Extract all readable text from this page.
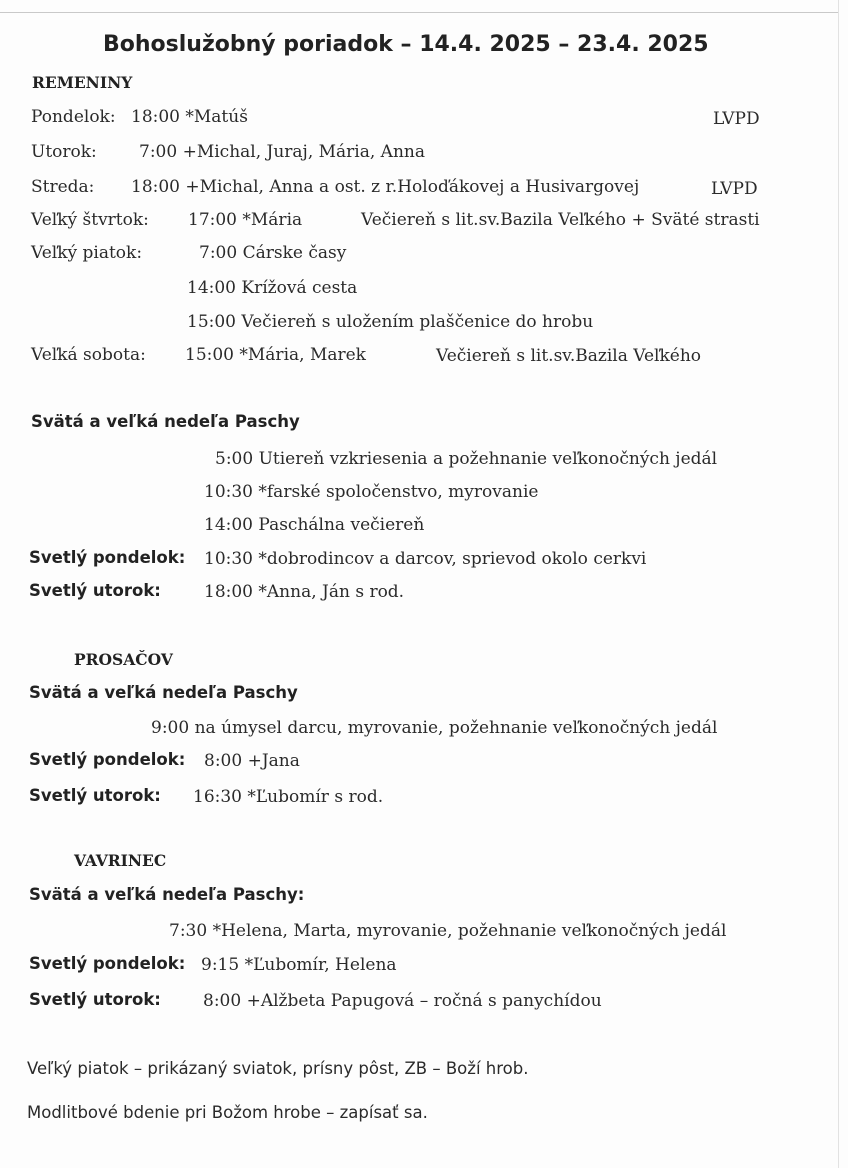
Bohoslužobný poriadok – 14.4. 2025 – 23.4. 2025
REMENINY
Pondelok: 18:00 *Matúš	LVPD
Utorok: 7:00 +Michal, Juraj, Mária, Anna
Streda: 18:00 +Michal, Anna a ost. z r.Holoďákovej a Husivargovej	LVPD
Veľký štvrtok: 17:00 *Mária	Večiereň s lit.sv.Bazila Veľkého + Sväté strasti
Veľký piatok:	7:00 Cárske časy
14:00 Krížová cesta
15:00 Večiereň s uložením plaščenice do hrobu
Veľká sobota: 15:00 *Mária, Marek	Večiereň s lit.sv.Bazila Veľkého
Svätá a veľká nedeľa Paschy
5:00 Utiereň vzkriesenia a požehnanie veľkonočných jedál
10:30 *farské spoločenstvo, myrovanie
14:00 Paschálna večiereň
Svetlý pondelok: 10:30 *dobrodincov a darcov, sprievod okolo cerkvi
Svetlý utorok:	18:00 *Anna, Ján s rod.
PROSAČOV
Svätá a veľká nedeľa Paschy
9:00 na úmysel darcu, myrovanie, požehnanie veľkonočných jedál
Svetlý pondelok: 8:00 +Jana
Svetlý utorok: 16:30 *Ľubomír s rod.
VAVRINEC
Svätá a veľká nedeľa Paschy:
7:30 *Helena, Marta, myrovanie, požehnanie veľkonočných jedál
Svetlý pondelok: 9:15 *Ľubomír, Helena
Svetlý utorok: 8:00 +Alžbeta Papugová – ročná s panychídou
Veľký piatok – prikázaný sviatok, prísny pôst, ZB – Boží hrob.
Modlitbové bdenie pri Božom hrobe – zapísať sa.
